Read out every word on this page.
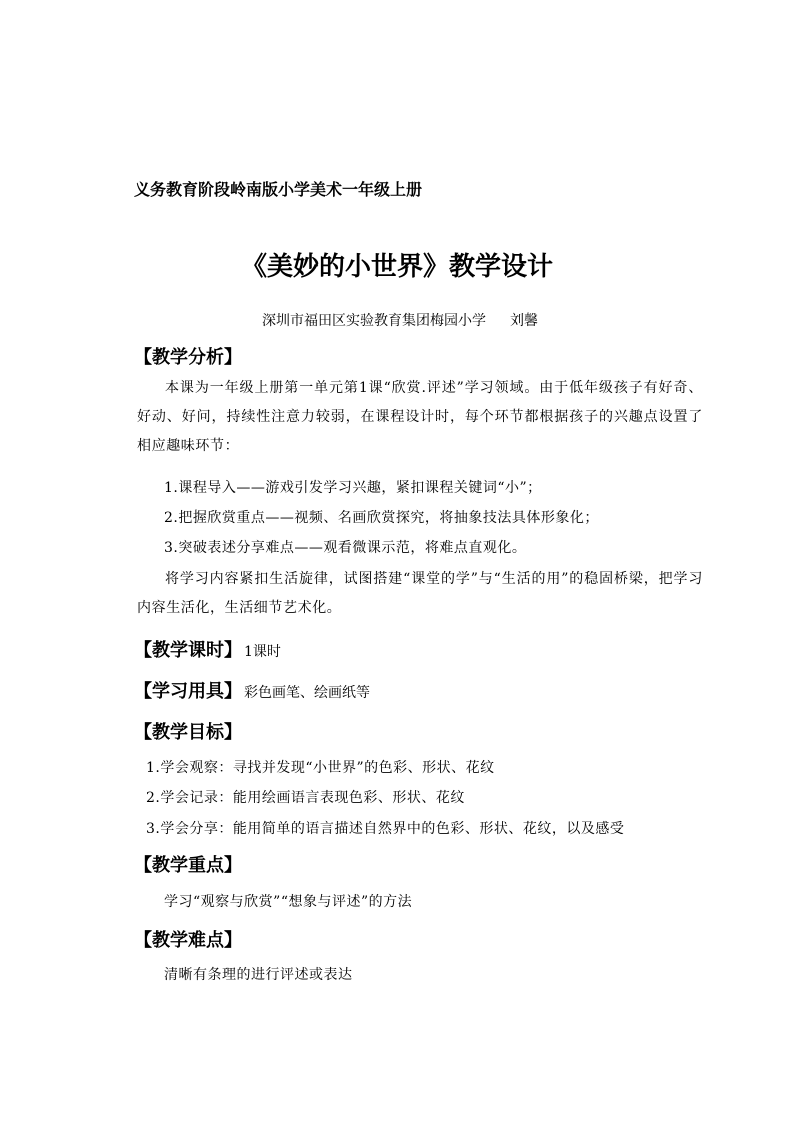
义务教育阶段岭南版小学美术一年级上册
《美妙的小世界》教学设计
深圳市福田区实验教育集团梅园小学 刘馨
【教学分析】
本课为一年级上册第一单元第1课“欣赏.评述”学习领域。由于低年级孩子有好奇、好动、好问，持续性注意力较弱，在课程设计时，每个环节都根据孩子的兴趣点设置了相应趣味环节：
1.课程导入——游戏引发学习兴趣，紧扣课程关键词“小”；
2.把握欣赏重点——视频、名画欣赏探究，将抽象技法具体形象化；
3.突破表述分享难点——观看微课示范，将难点直观化。
将学习内容紧扣生活旋律，试图搭建“课堂的学”与“生活的用”的稳固桥梁，把学习内容生活化，生活细节艺术化。
【教学课时】 1课时
【学习用具】 彩色画笔、绘画纸等
【教学目标】
1.学会观察：寻找并发现“小世界”的色彩、形状、花纹
2.学会记录：能用绘画语言表现色彩、形状、花纹
3.学会分享：能用简单的语言描述自然界中的色彩、形状、花纹，以及感受
【教学重点】
学习“观察与欣赏”“想象与评述”的方法
【教学难点】
清晰有条理的进行评述或表达
